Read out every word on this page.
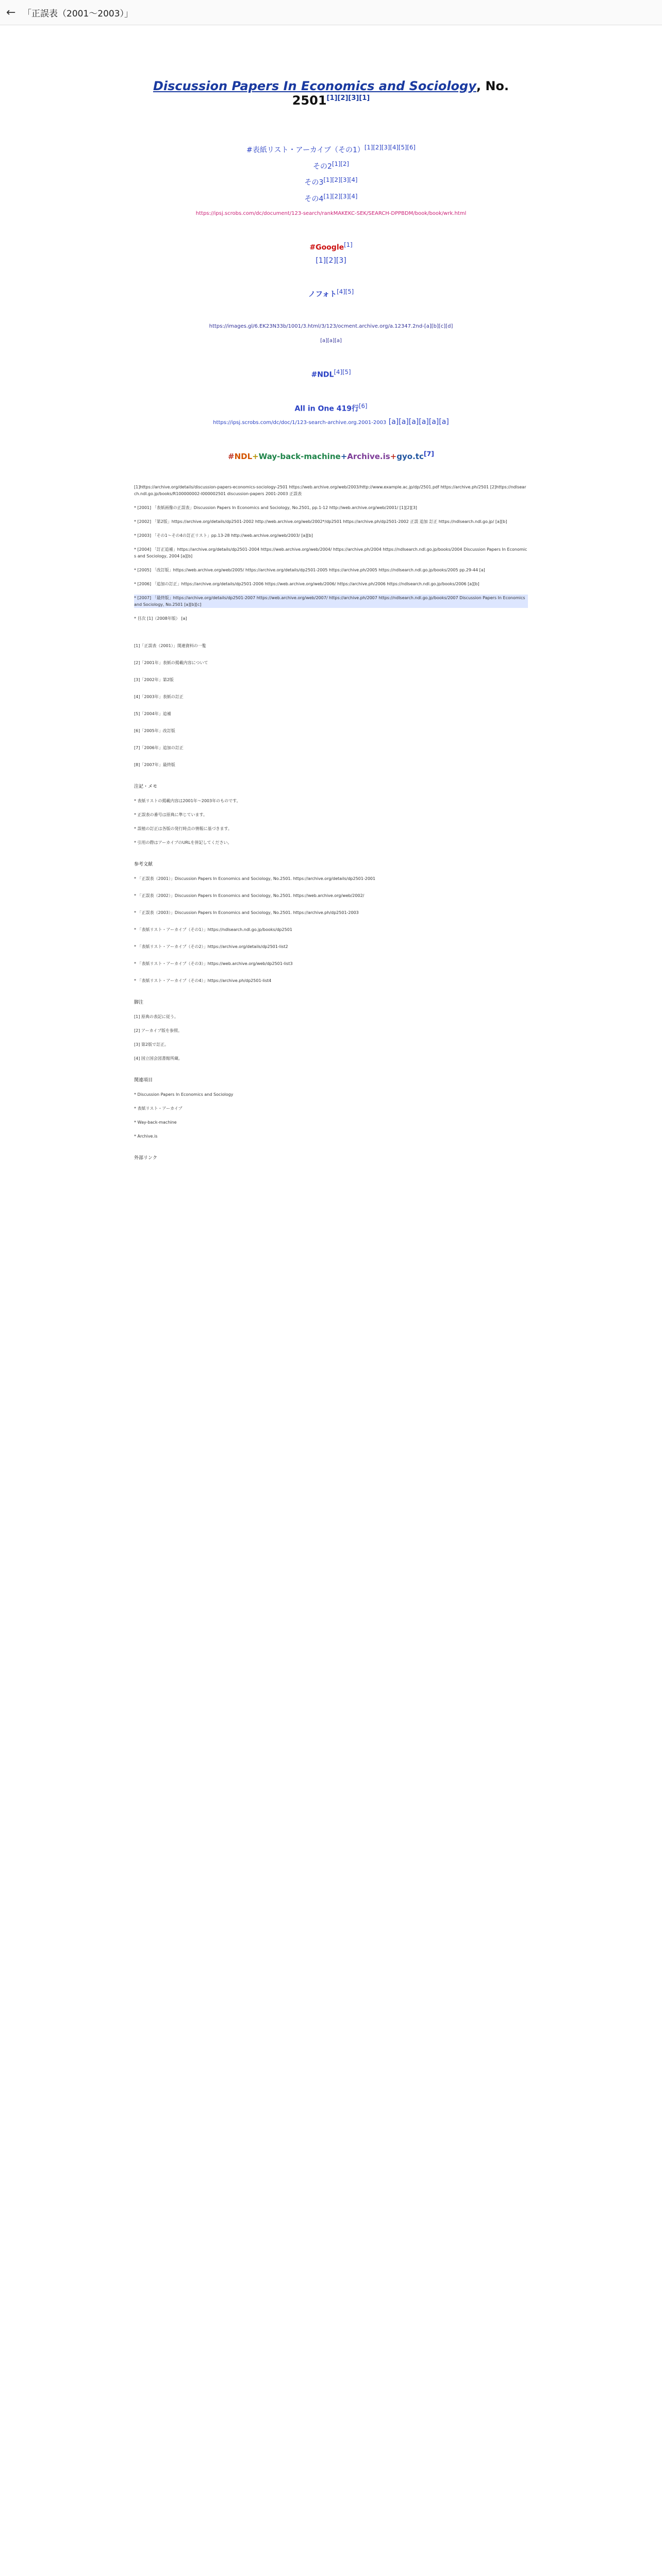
← 「正誤表（2001〜2003）」
Discussion Papers In Economics and Sociology, No. 2501[1][2][3][1]
#表紙リスト・アーカイブ（その1）[1][2][3][4][5][6]
その2[1][2]
その3[1][2][3][4]
その4[1][2][3][4]
https://ipsj.scrobs.com/dc/document/123-search/rankMAKEKC-SEK/SEARCH-DPPBDM/book/book/wrk.html
#Google[1]
[1][2][3]
ノフォト[4][5]
https://images.gl/6.EK23N33b/1001/3.html/3/123/ocment.archive.org/a.12347.2nd-[a][b][c][d]
[a][a][a]
#NDL[4][5]
All in One 419行[6]
https://ipsj.scrobs.com/dc/doc/1/123-search-archive.org.2001-2003 [a][a][a][a][a][a]
#NDL+Way-back-machine+Archive.is+gyo.tc[7]
[1]https://archive.org/details/discussion-papers-economics-sociology-2501 https://web.archive.org/web/2003/http://www.example.ac.jp/dp/2501.pdf https://archive.ph/2501 [2]https://ndlsearch.ndl.go.jp/books/R100000002-I000002501 discussion-papers 2001-2003 正誤表
* [2001] 「表紙画像の正誤表」Discussion Papers In Economics and Sociology, No.2501, pp.1-12 http://web.archive.org/web/2001/ [1][2][3]
* [2002] 「第2版」https://archive.org/details/dp2501-2002 http://web.archive.org/web/2002*/dp2501 https://archive.ph/dp2501-2002 正誤 追加 訂正 https://ndlsearch.ndl.go.jp/ [a][b]
* [2003] 「その1〜その4の訂正リスト」pp.13-28 http://web.archive.org/web/2003/ [a][b]
* [2004] 「訂正追補」https://archive.org/details/dp2501-2004 https://web.archive.org/web/2004/ https://archive.ph/2004 https://ndlsearch.ndl.go.jp/books/2004 Discussion Papers In Economics and Sociology, 2004 [a][b]
* [2005] 「改訂版」https://web.archive.org/web/2005/ https://archive.org/details/dp2501-2005 https://archive.ph/2005 https://ndlsearch.ndl.go.jp/books/2005 pp.29-44 [a]
* [2006] 「追加の訂正」https://archive.org/details/dp2501-2006 https://web.archive.org/web/2006/ https://archive.ph/2006 https://ndlsearch.ndl.go.jp/books/2006 [a][b]
* [2007] 「最終版」https://archive.org/details/dp2501-2007 https://web.archive.org/web/2007/ https://archive.ph/2007 https://ndlsearch.ndl.go.jp/books/2007 Discussion Papers In Economics and Sociology, No.2501 [a][b][c]
* 目次 [1]（2008年版） [a]
[1]「正誤表（2001）」関連資料の一覧
[2]「2001年」表紙の掲載内容について
[3]「2002年」第2版
[4]「2003年」表紙の訂正
[5]「2004年」追補
[6]「2005年」改訂版
[7]「2006年」追加の訂正
[8]「2007年」最終版
注記・メモ
* 表紙リストの掲載内容は2001年〜2003年のものです。
* 正誤表の番号は原典に準じています。
* 誤植の訂正は各版の発行時点の情報に基づきます。
* 引用の際はアーカイブのURLを併記してください。
参考文献
* 「正誤表（2001）」Discussion Papers In Economics and Sociology, No.2501. https://archive.org/details/dp2501-2001
* 「正誤表（2002）」Discussion Papers In Economics and Sociology, No.2501. https://web.archive.org/web/2002/
* 「正誤表（2003）」Discussion Papers In Economics and Sociology, No.2501. https://archive.ph/dp2501-2003
* 「表紙リスト・アーカイブ（その1）」https://ndlsearch.ndl.go.jp/books/dp2501
* 「表紙リスト・アーカイブ（その2）」https://archive.org/details/dp2501-list2
* 「表紙リスト・アーカイブ（その3）」https://web.archive.org/web/dp2501-list3
* 「表紙リスト・アーカイブ（その4）」https://archive.ph/dp2501-list4
脚注
[1] 原典の表記に従う。
[2] アーカイブ版を参照。
[3] 第2版で訂正。
[4] 国立国会図書館所蔵。
関連項目
* Discussion Papers In Economics and Sociology
* 表紙リスト・アーカイブ
* Way-back-machine
* Archive.is
外部リンク
